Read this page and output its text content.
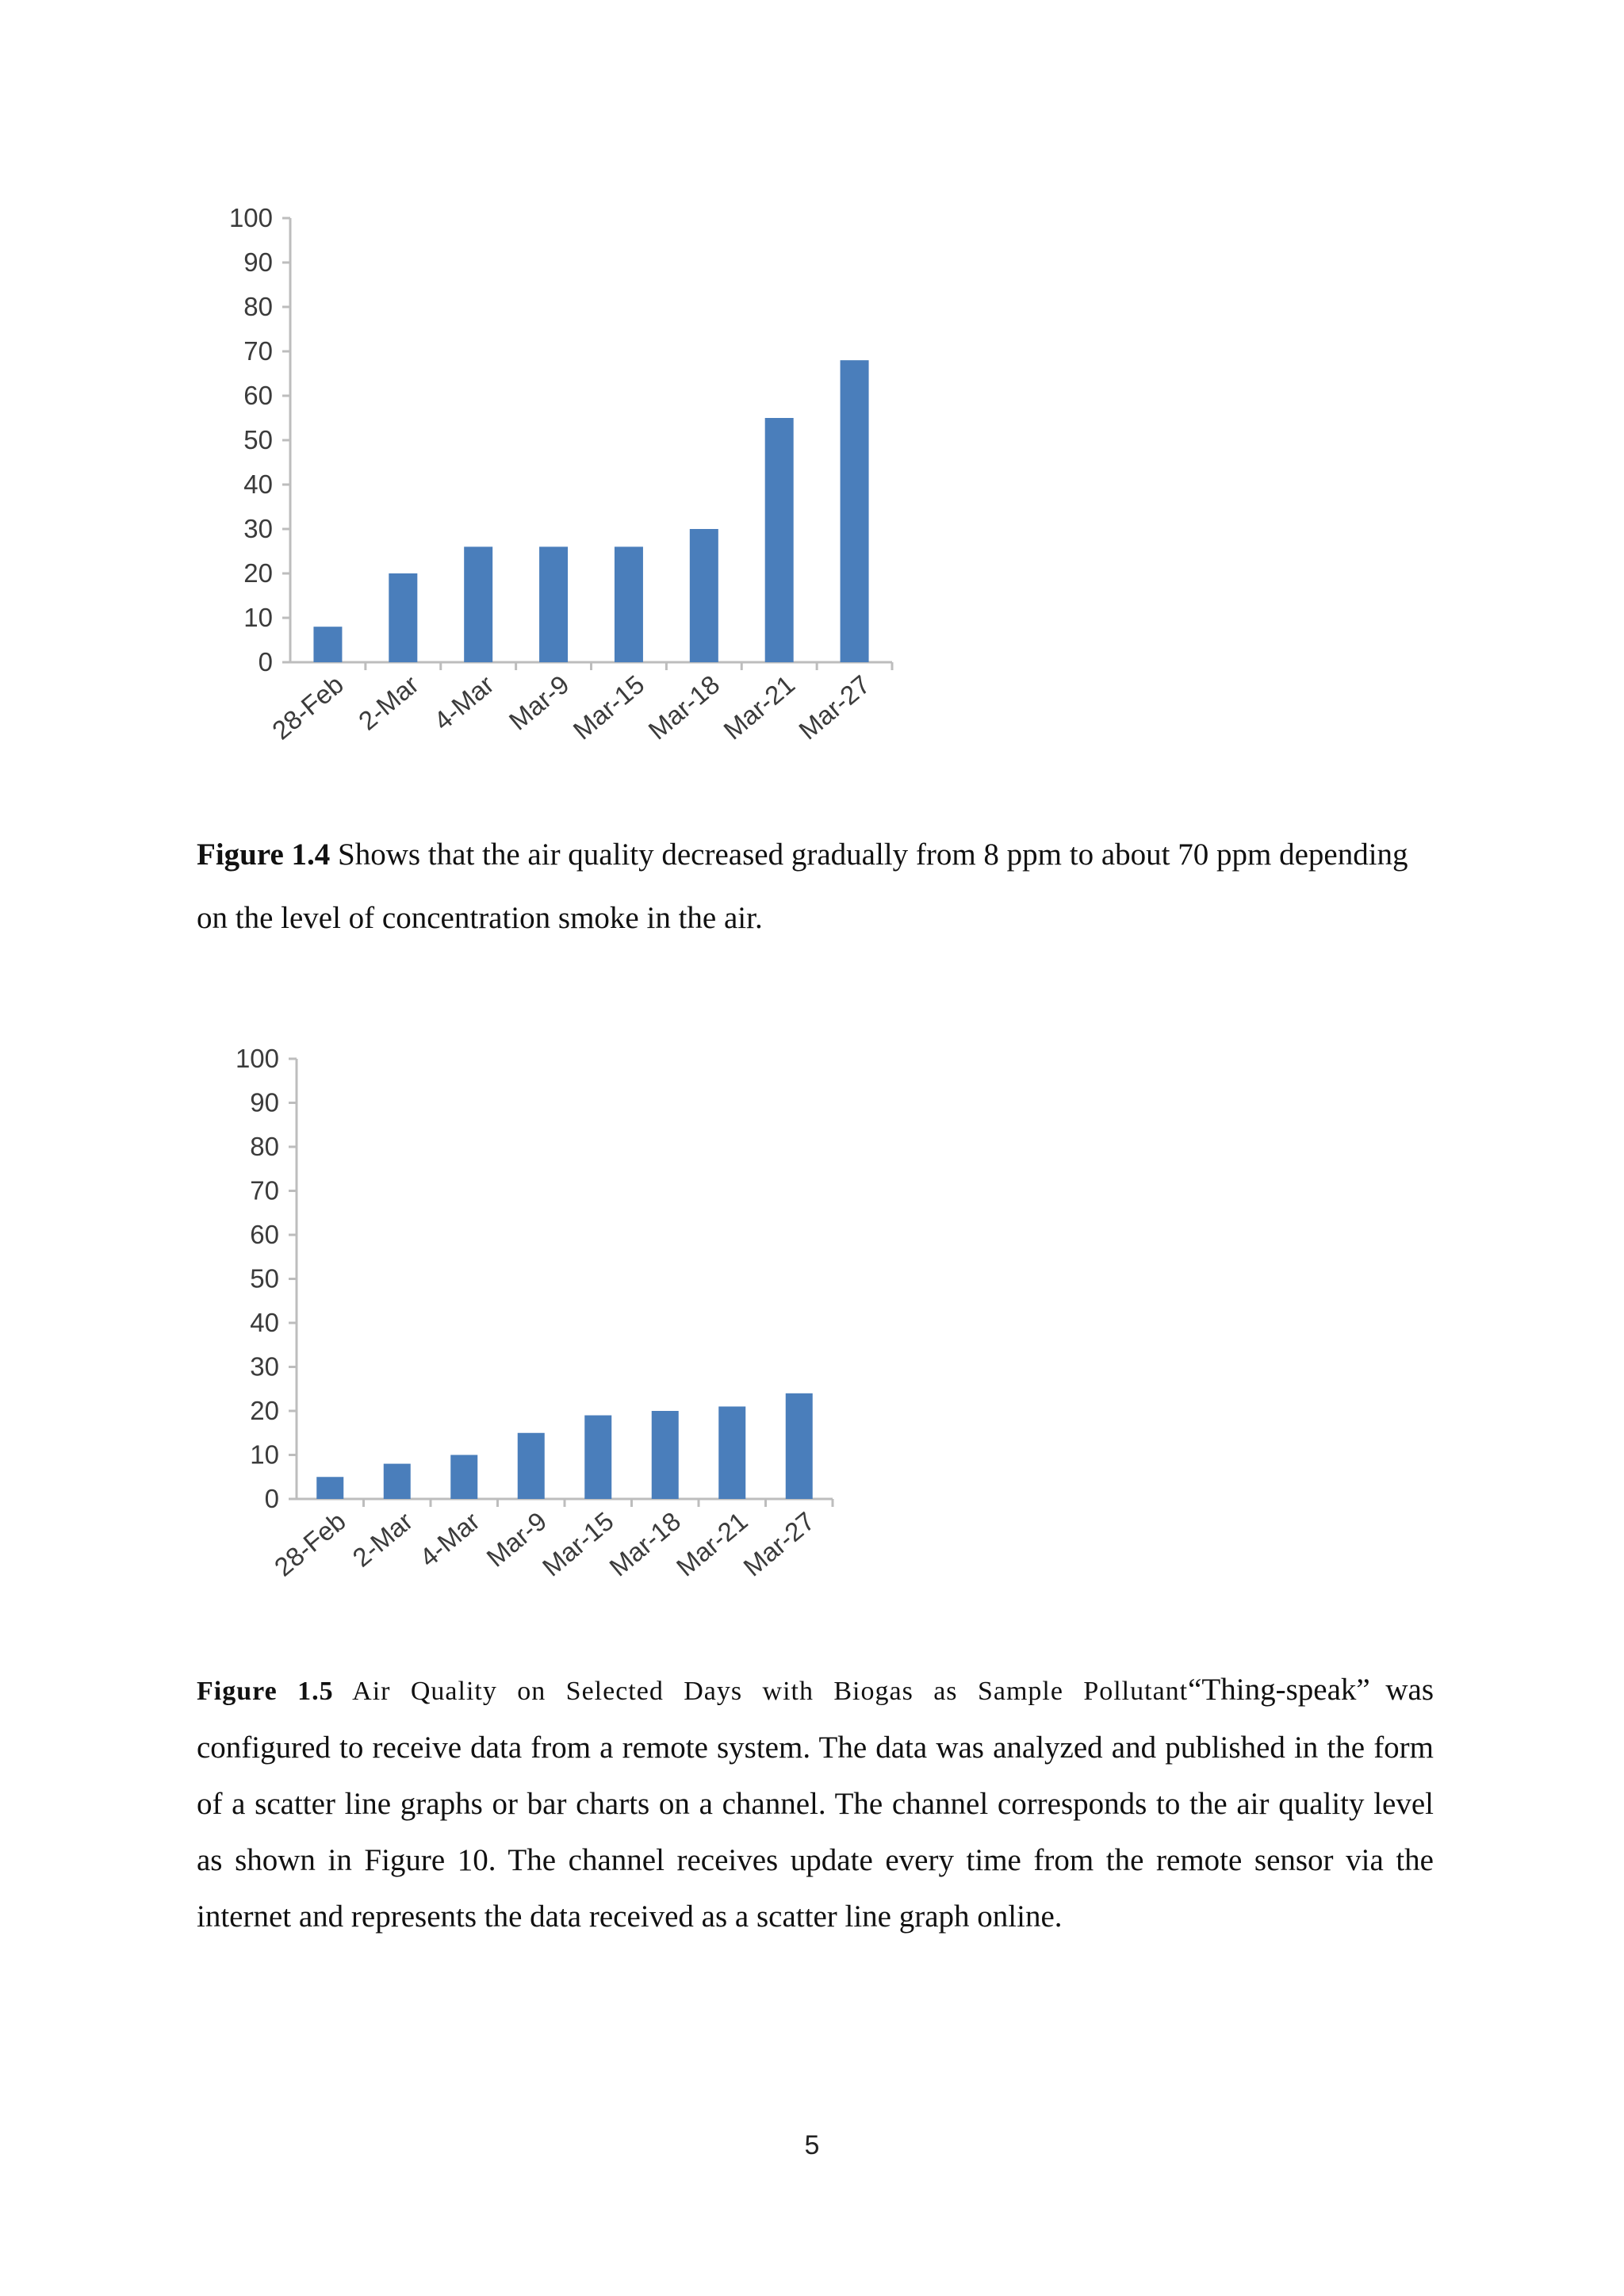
0
10
20
30
40
50
60
70
80
90
100
28-Feb 2-Mar 4-Mar Mar-9
Mar-15
Mar-18
Mar-21
Mar-27

Figure 1.4 Shows that the air quality decreased gradually from 8 ppm to about 70 ppm depending on the level of concentration smoke in the air.

0
10
20
30
40
50
60
70
80
90
100
28-Feb
2-Mar
4-Mar
Mar-9
Mar-15
Mar-18
Mar-21
Mar-27

Figure 1.5 Air Quality on Selected Days with Biogas as Sample Pollutant“Thing-speak” was configured to receive data from a remote system. The data was analyzed and published in the form of a scatter line graphs or bar charts on a channel. The channel corresponds to the air quality level as shown in Figure 10. The channel receives update every time from the remote sensor via the internet and represents the data received as a scatter line graph online.

5
